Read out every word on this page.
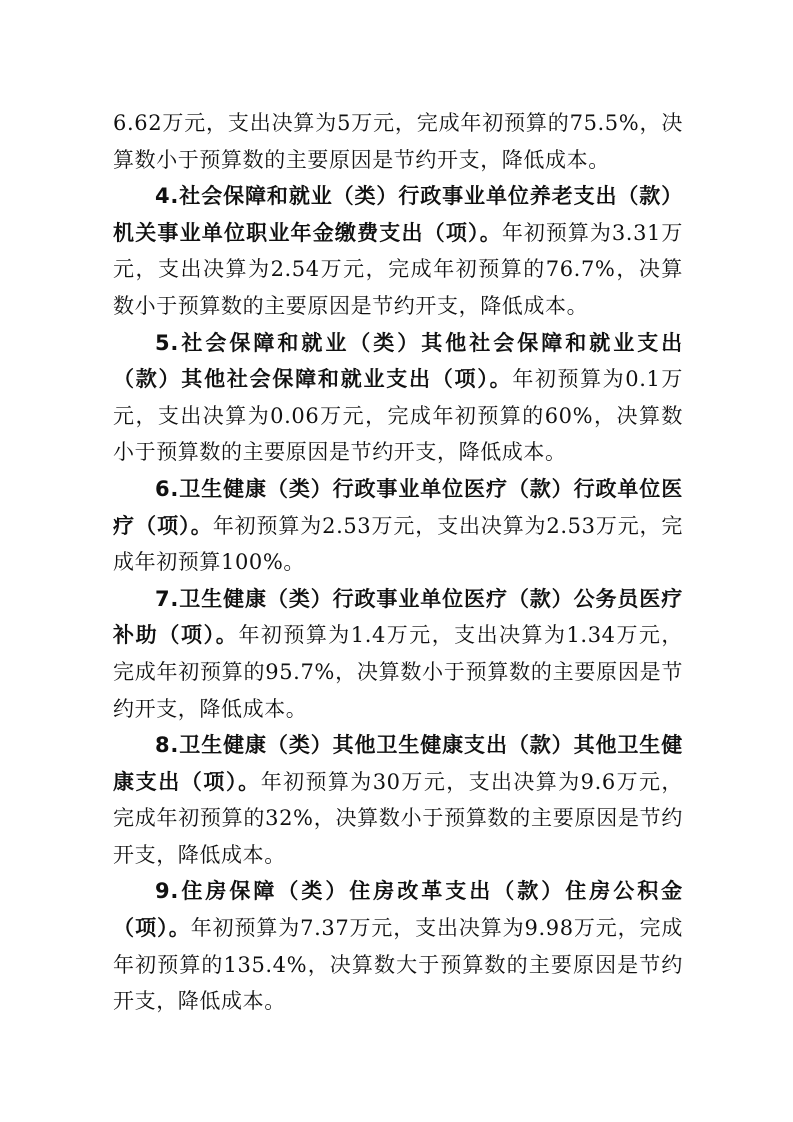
6.62万元，支出决算为5万元，完成年初预算的75.5%，决算数小于预算数的主要原因是节约开支，降低成本。

4.社会保障和就业（类）行政事业单位养老支出（款）机关事业单位职业年金缴费支出（项）。年初预算为3.31万元，支出决算为2.54万元，完成年初预算的76.7%，决算数小于预算数的主要原因是节约开支，降低成本。

5.社会保障和就业（类）其他社会保障和就业支出（款）其他社会保障和就业支出（项）。年初预算为0.1万元，支出决算为0.06万元，完成年初预算的60%，决算数小于预算数的主要原因是节约开支，降低成本。

6.卫生健康（类）行政事业单位医疗（款）行政单位医疗（项）。年初预算为2.53万元，支出决算为2.53万元，完成年初预算100%。

7.卫生健康（类）行政事业单位医疗（款）公务员医疗补助（项）。年初预算为1.4万元，支出决算为1.34万元，完成年初预算的95.7%，决算数小于预算数的主要原因是节约开支，降低成本。

8.卫生健康（类）其他卫生健康支出（款）其他卫生健康支出（项）。年初预算为30万元，支出决算为9.6万元，完成年初预算的32%，决算数小于预算数的主要原因是节约开支，降低成本。

9.住房保障（类）住房改革支出（款）住房公积金（项）。年初预算为7.37万元，支出决算为9.98万元，完成年初预算的135.4%，决算数大于预算数的主要原因是节约开支，降低成本。
